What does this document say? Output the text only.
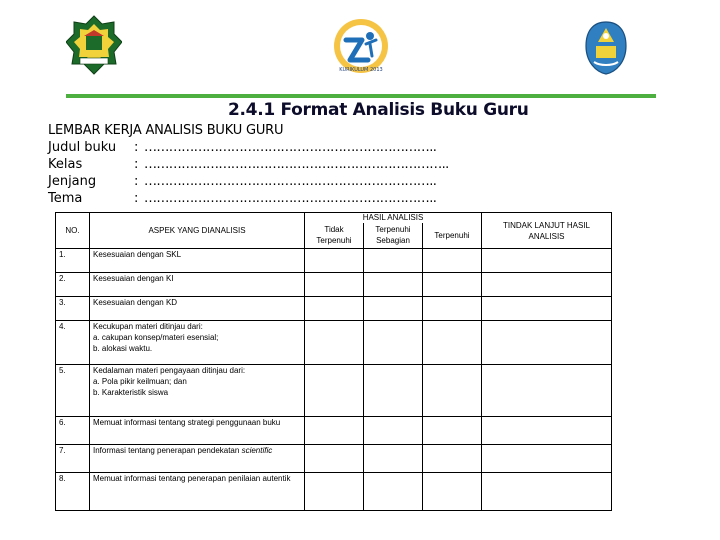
KURIKULUM 2013
2.4.1 Format Analisis Buku Guru
LEMBAR KERJA ANALISIS BUKU GURU
Judul buku	: ……………………………………………………………..
Kelas	: ………………………………………………………………..
Jenjang	: ……………………………………………………………..
Tema	: ……………………………………………………………..
NO.	ASPEK YANG DIANALISIS	HASIL ANALISIS			TINDAK LANJUT HASIL ANALISIS
		Tidak Terpenuhi	Terpenuhi Sebagian	Terpenuhi	
1.	Kesesuaian dengan SKL				
2.	Kesesuaian dengan KI				
3.	Kesesuaian dengan KD				
4.	Kecukupan materi ditinjau dari:
a. cakupan konsep/materi esensial;
b. alokasi waktu.				

5.	Kedalaman materi pengayaan ditinjau dari:
a. Pola pikir keilmuan; dan
b. Karakteristik siswa				

6.	Memuat informasi tentang strategi penggunaan buku				
7.	Informasi tentang penerapan pendekatan scientific				
8.	Memuat informasi tentang penerapan penilaian autentik				
